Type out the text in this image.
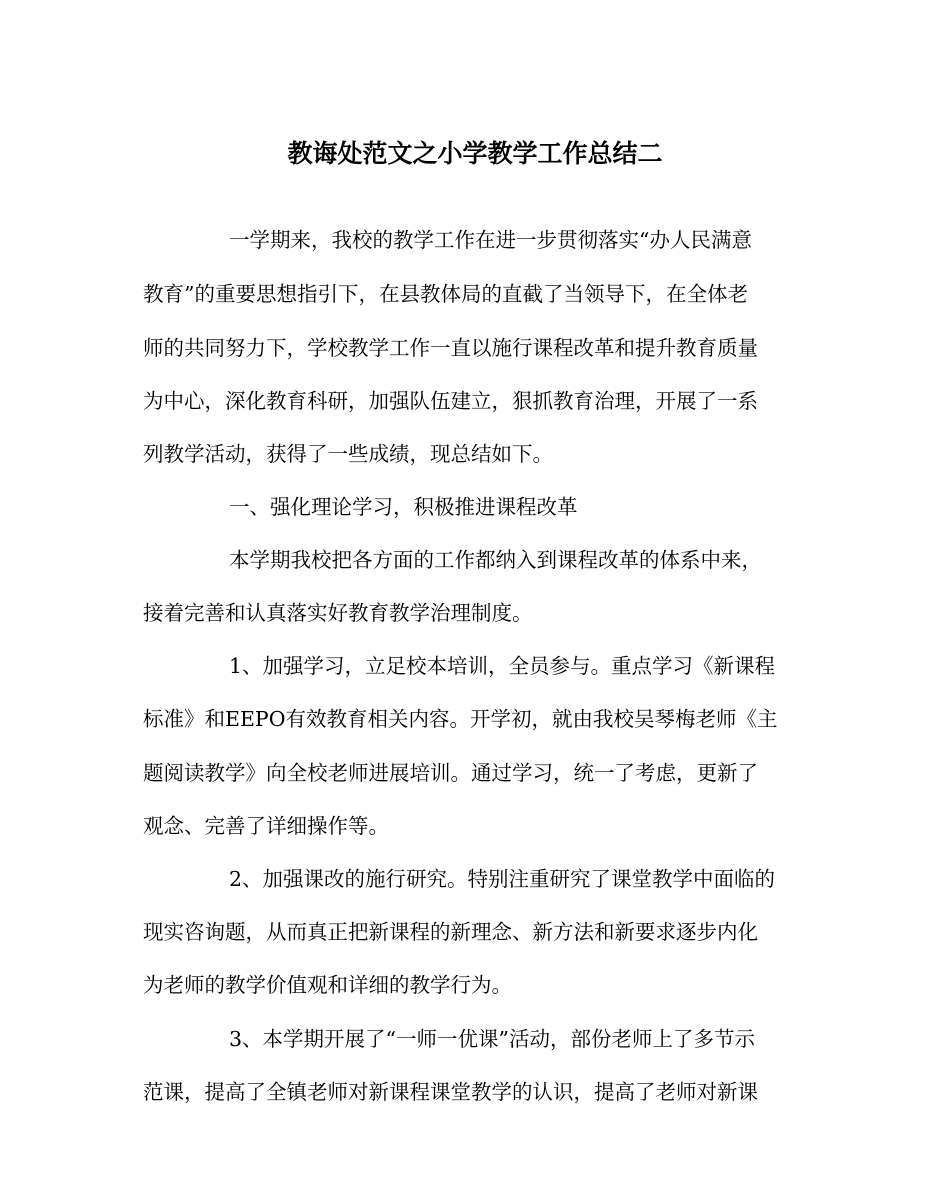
教诲处范文之小学教学工作总结二

一学期来，我校的教学工作在进一步贯彻落实“办人民满意

教育”的重要思想指引下，在县教体局的直截了当领导下，在全体老

师的共同努力下，学校教学工作一直以施行课程改革和提升教育质量

为中心，深化教育科研，加强队伍建立，狠抓教育治理，开展了一系

列教学活动，获得了一些成绩，现总结如下。

一、强化理论学习，积极推进课程改革

本学期我校把各方面的工作都纳入到课程改革的体系中来，

接着完善和认真落实好教育教学治理制度。

1、加强学习，立足校本培训，全员参与。重点学习《新课程

标准》和EEPO有效教育相关内容。开学初，就由我校吴琴梅老师《主

题阅读教学》向全校老师进展培训。通过学习，统一了考虑，更新了

观念、完善了详细操作等。

2、加强课改的施行研究。特别注重研究了课堂教学中面临的

现实咨询题，从而真正把新课程的新理念、新方法和新要求逐步内化

为老师的教学价值观和详细的教学行为。

3、本学期开展了“一师一优课”活动，部份老师上了多节示

范课，提高了全镇老师对新课程课堂教学的认识，提高了老师对新课
